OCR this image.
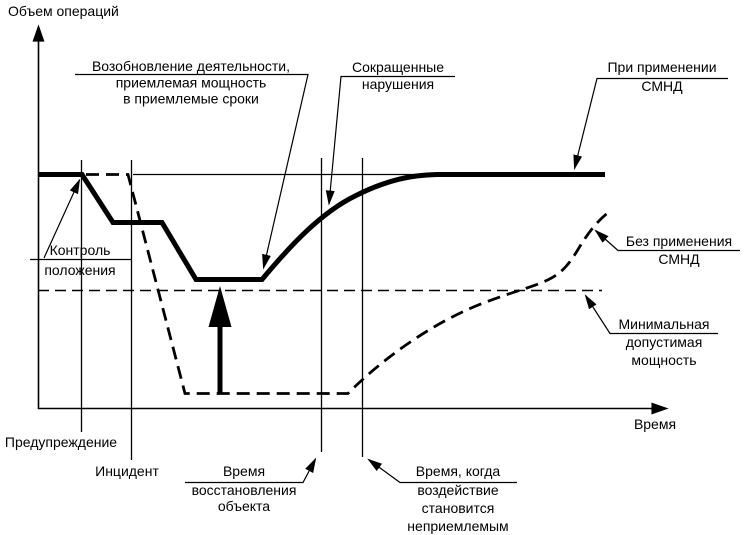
Объем операций
Время
Возобновление деятельности,
приемлемая мощность
в приемлемые сроки
Сокращенные
нарушения
При применении
СМНД
Контроль
положения
Без применения
СМНД
Минимальная
допустимая
мощность
Предупреждение
Инцидент	Время
восстановления
объекта
Время, когда
воздействие
становится
неприемлемым
